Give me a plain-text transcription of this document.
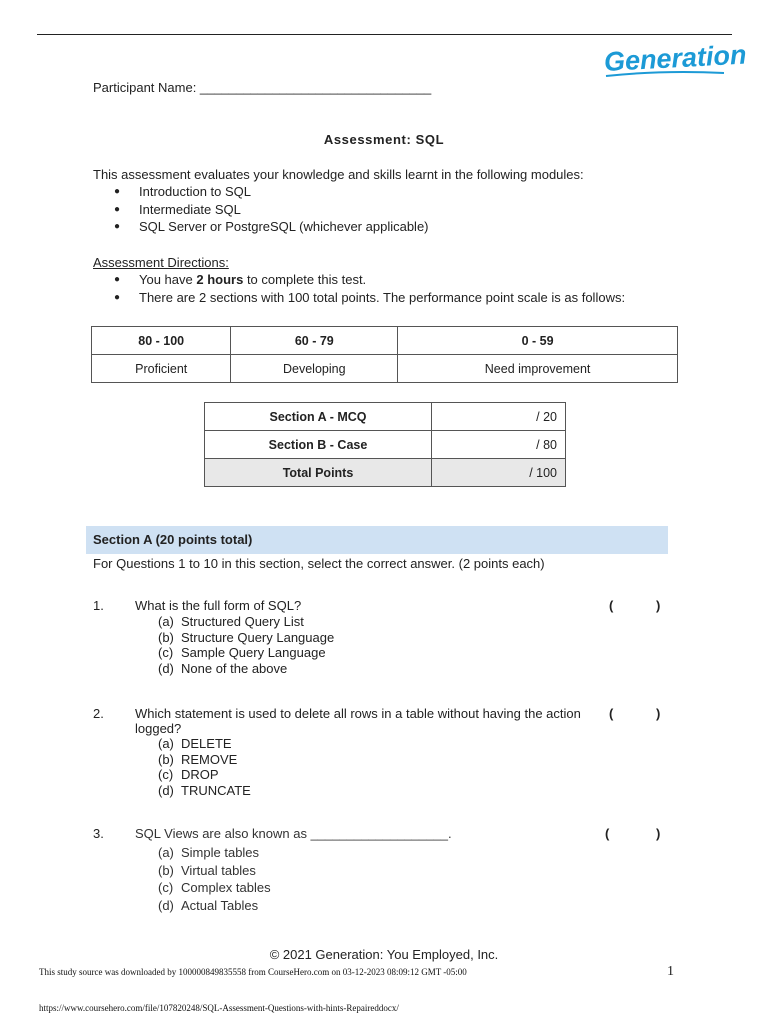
Generation
Participant Name: ________________________________
Assessment: SQL
This assessment evaluates your knowledge and skills learnt in the following modules:
● Introduction to SQL
● Intermediate SQL
● SQL Server or PostgreSQL (whichever applicable)
Assessment Directions:
● You have 2 hours to complete this test.
● There are 2 sections with 100 total points. The performance point scale is as follows:
80 - 100	60 - 79	0 - 59
Proficient	Developing	Need improvement
Section A - MCQ	/ 20
Section B - Case	/ 80
Total Points	/ 100
Section A (20 points total)
For Questions 1 to 10 in this section, select the correct answer. (2 points each)
1. What is the full form of SQL?	(	)
(a) Structured Query List
(b) Structure Query Language
(c) Sample Query Language
(d) None of the above
2. Which statement is used to delete all rows in a table without having the action logged?
(	)
(a) DELETE
(b) REMOVE
(c) DROP
(d) TRUNCATE
3. SQL Views are also known as ___________________.	(	)
(a) Simple tables
(b) Virtual tables
(c) Complex tables
(d) Actual Tables
© 2021 Generation: You Employed, Inc.
This study source was downloaded by 100000849835558 from CourseHero.com on 03-12-2023 08:09:12 GMT -05:00	1
https://www.coursehero.com/file/107820248/SQL-Assessment-Questions-with-hints-Repaireddocx/
